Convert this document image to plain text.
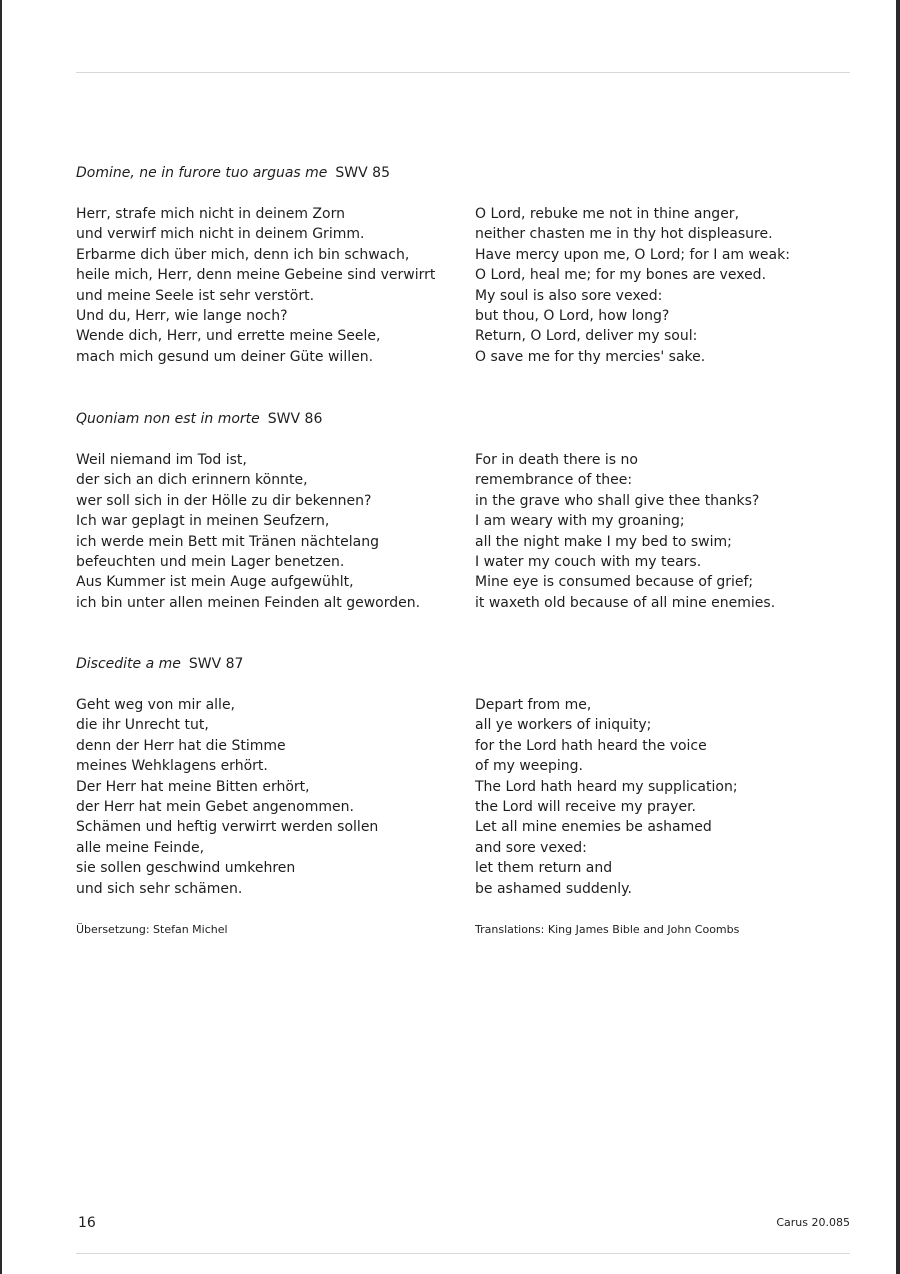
Domine, ne in furore tuo arguas me SWV 85
Herr, strafe mich nicht in deinem Zorn
und verwirf mich nicht in deinem Grimm.
Erbarme dich über mich, denn ich bin schwach,
heile mich, Herr, denn meine Gebeine sind verwirrt
und meine Seele ist sehr verstört.
Und du, Herr, wie lange noch?
Wende dich, Herr, und errette meine Seele,
mach mich gesund um deiner Güte willen.
O Lord, rebuke me not in thine anger,
neither chasten me in thy hot displeasure.
Have mercy upon me, O Lord; for I am weak:
O Lord, heal me; for my bones are vexed.
My soul is also sore vexed:
but thou, O Lord, how long?
Return, O Lord, deliver my soul:
O save me for thy mercies' sake.
Quoniam non est in morte SWV 86
Weil niemand im Tod ist,
der sich an dich erinnern könnte,
wer soll sich in der Hölle zu dir bekennen?
Ich war geplagt in meinen Seufzern,
ich werde mein Bett mit Tränen nächtelang
befeuchten und mein Lager benetzen.
Aus Kummer ist mein Auge aufgewühlt,
ich bin unter allen meinen Feinden alt geworden.
For in death there is no
remembrance of thee:
in the grave who shall give thee thanks?
I am weary with my groaning;
all the night make I my bed to swim;
I water my couch with my tears.
Mine eye is consumed because of grief;
it waxeth old because of all mine enemies.
Discedite a me SWV 87
Geht weg von mir alle,
die ihr Unrecht tut,
denn der Herr hat die Stimme
meines Wehklagens erhört.
Der Herr hat meine Bitten erhört,
der Herr hat mein Gebet angenommen.
Schämen und heftig verwirrt werden sollen
alle meine Feinde,
sie sollen geschwind umkehren
und sich sehr schämen.
Depart from me,
all ye workers of iniquity;
for the Lord hath heard the voice
of my weeping.
The Lord hath heard my supplication;
the Lord will receive my prayer.
Let all mine enemies be ashamed
and sore vexed:
let them return and
be ashamed suddenly.
Übersetzung: Stefan Michel	Translations: King James Bible and John Coombs
16	Carus 20.085
